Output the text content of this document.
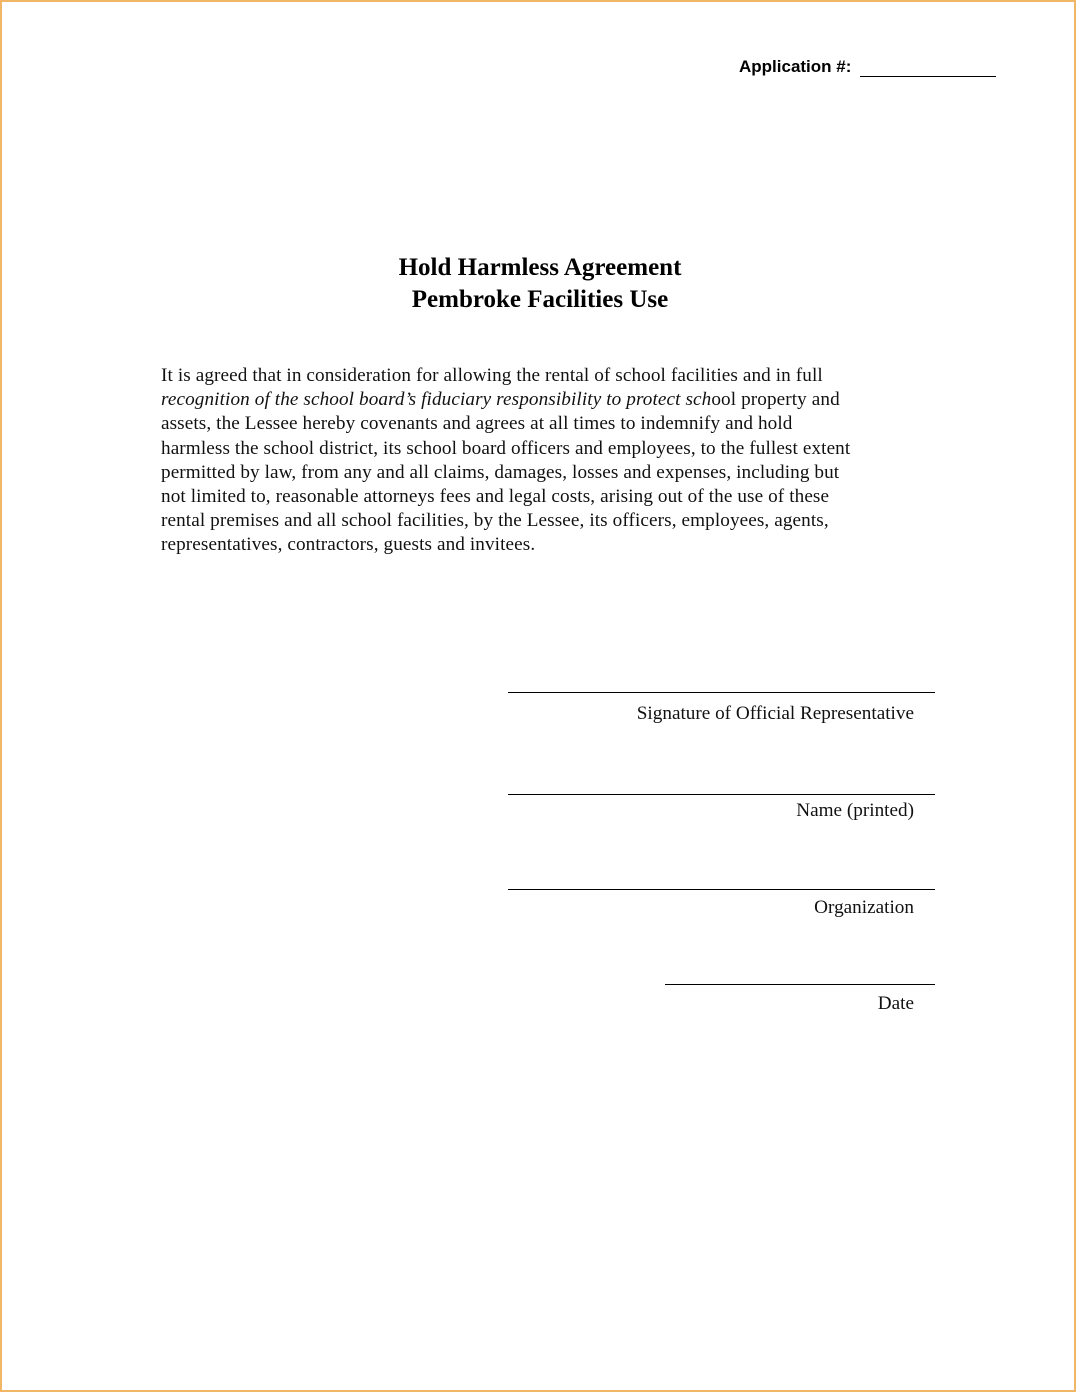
Application #:
Hold Harmless Agreement
Pembroke Facilities Use
It is agreed that in consideration for allowing the rental of school facilities and in full
recognition of the school board’s fiduciary responsibility to protect school property and
assets, the Lessee hereby covenants and agrees at all times to indemnify and hold
harmless the school district, its school board officers and employees, to the fullest extent
permitted by law, from any and all claims, damages, losses and expenses, including but
not limited to, reasonable attorneys fees and legal costs, arising out of the use of these
rental premises and all school facilities, by the Lessee, its officers, employees, agents,
representatives, contractors, guests and invitees.
Signature of Official Representative
Name (printed)
Organization
Date
